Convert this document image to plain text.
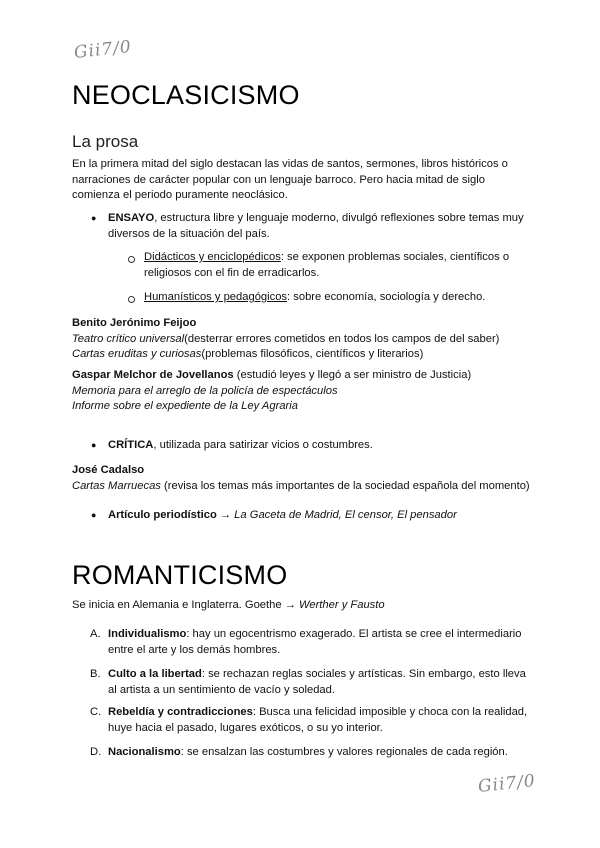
Gii7/0
Gii7/0
NEOCLASICISMO
La prosa
En la primera mitad del siglo destacan las vidas de santos, sermones, libros históricos o narraciones de carácter popular con un lenguaje barroco. Pero hacia mitad de siglo comienza el periodo puramente neoclásico.
● ENSAYO, estructura libre y lenguaje moderno, divulgó reflexiones sobre temas muy
diversos de la situación del país.
Didácticos y enciclopédicos: se exponen problemas sociales, científicos o
religiosos con el fin de erradicarlos.
Humanísticos y pedagógicos: sobre economía, sociología y derecho.
Benito Jerónimo Feijoo
Teatro crítico universal(desterrar errores cometidos en todos los campos de del saber)
Cartas eruditas y curiosas(problemas filosóficos, científicos y literarios)
Gaspar Melchor de Jovellanos (estudió leyes y llegó a ser ministro de Justicia)
Memoria para el arreglo de la policía de espectáculos
Informe sobre el expediente de la Ley Agraria
● CRÍTICA, utilizada para satirizar vicios o costumbres.
José Cadalso
Cartas Marruecas (revisa los temas más importantes de la sociedad española del momento)
● Artículo periodístico → La Gaceta de Madrid, El censor, El pensador
ROMANTICISMO
Se inicia en Alemania e Inglaterra. Goethe → Werther y Fausto
A. Individualismo: hay un egocentrismo exagerado. El artista se cree el intermediario
entre el arte y los demás hombres.
B. Culto a la libertad: se rechazan reglas sociales y artísticas. Sin embargo, esto lleva
al artista a un sentimiento de vacío y soledad.
C. Rebeldía y contradicciones: Busca una felicidad imposible y choca con la realidad,
huye hacia el pasado, lugares exóticos, o su yo interior.
D. Nacionalismo: se ensalzan las costumbres y valores regionales de cada región.
